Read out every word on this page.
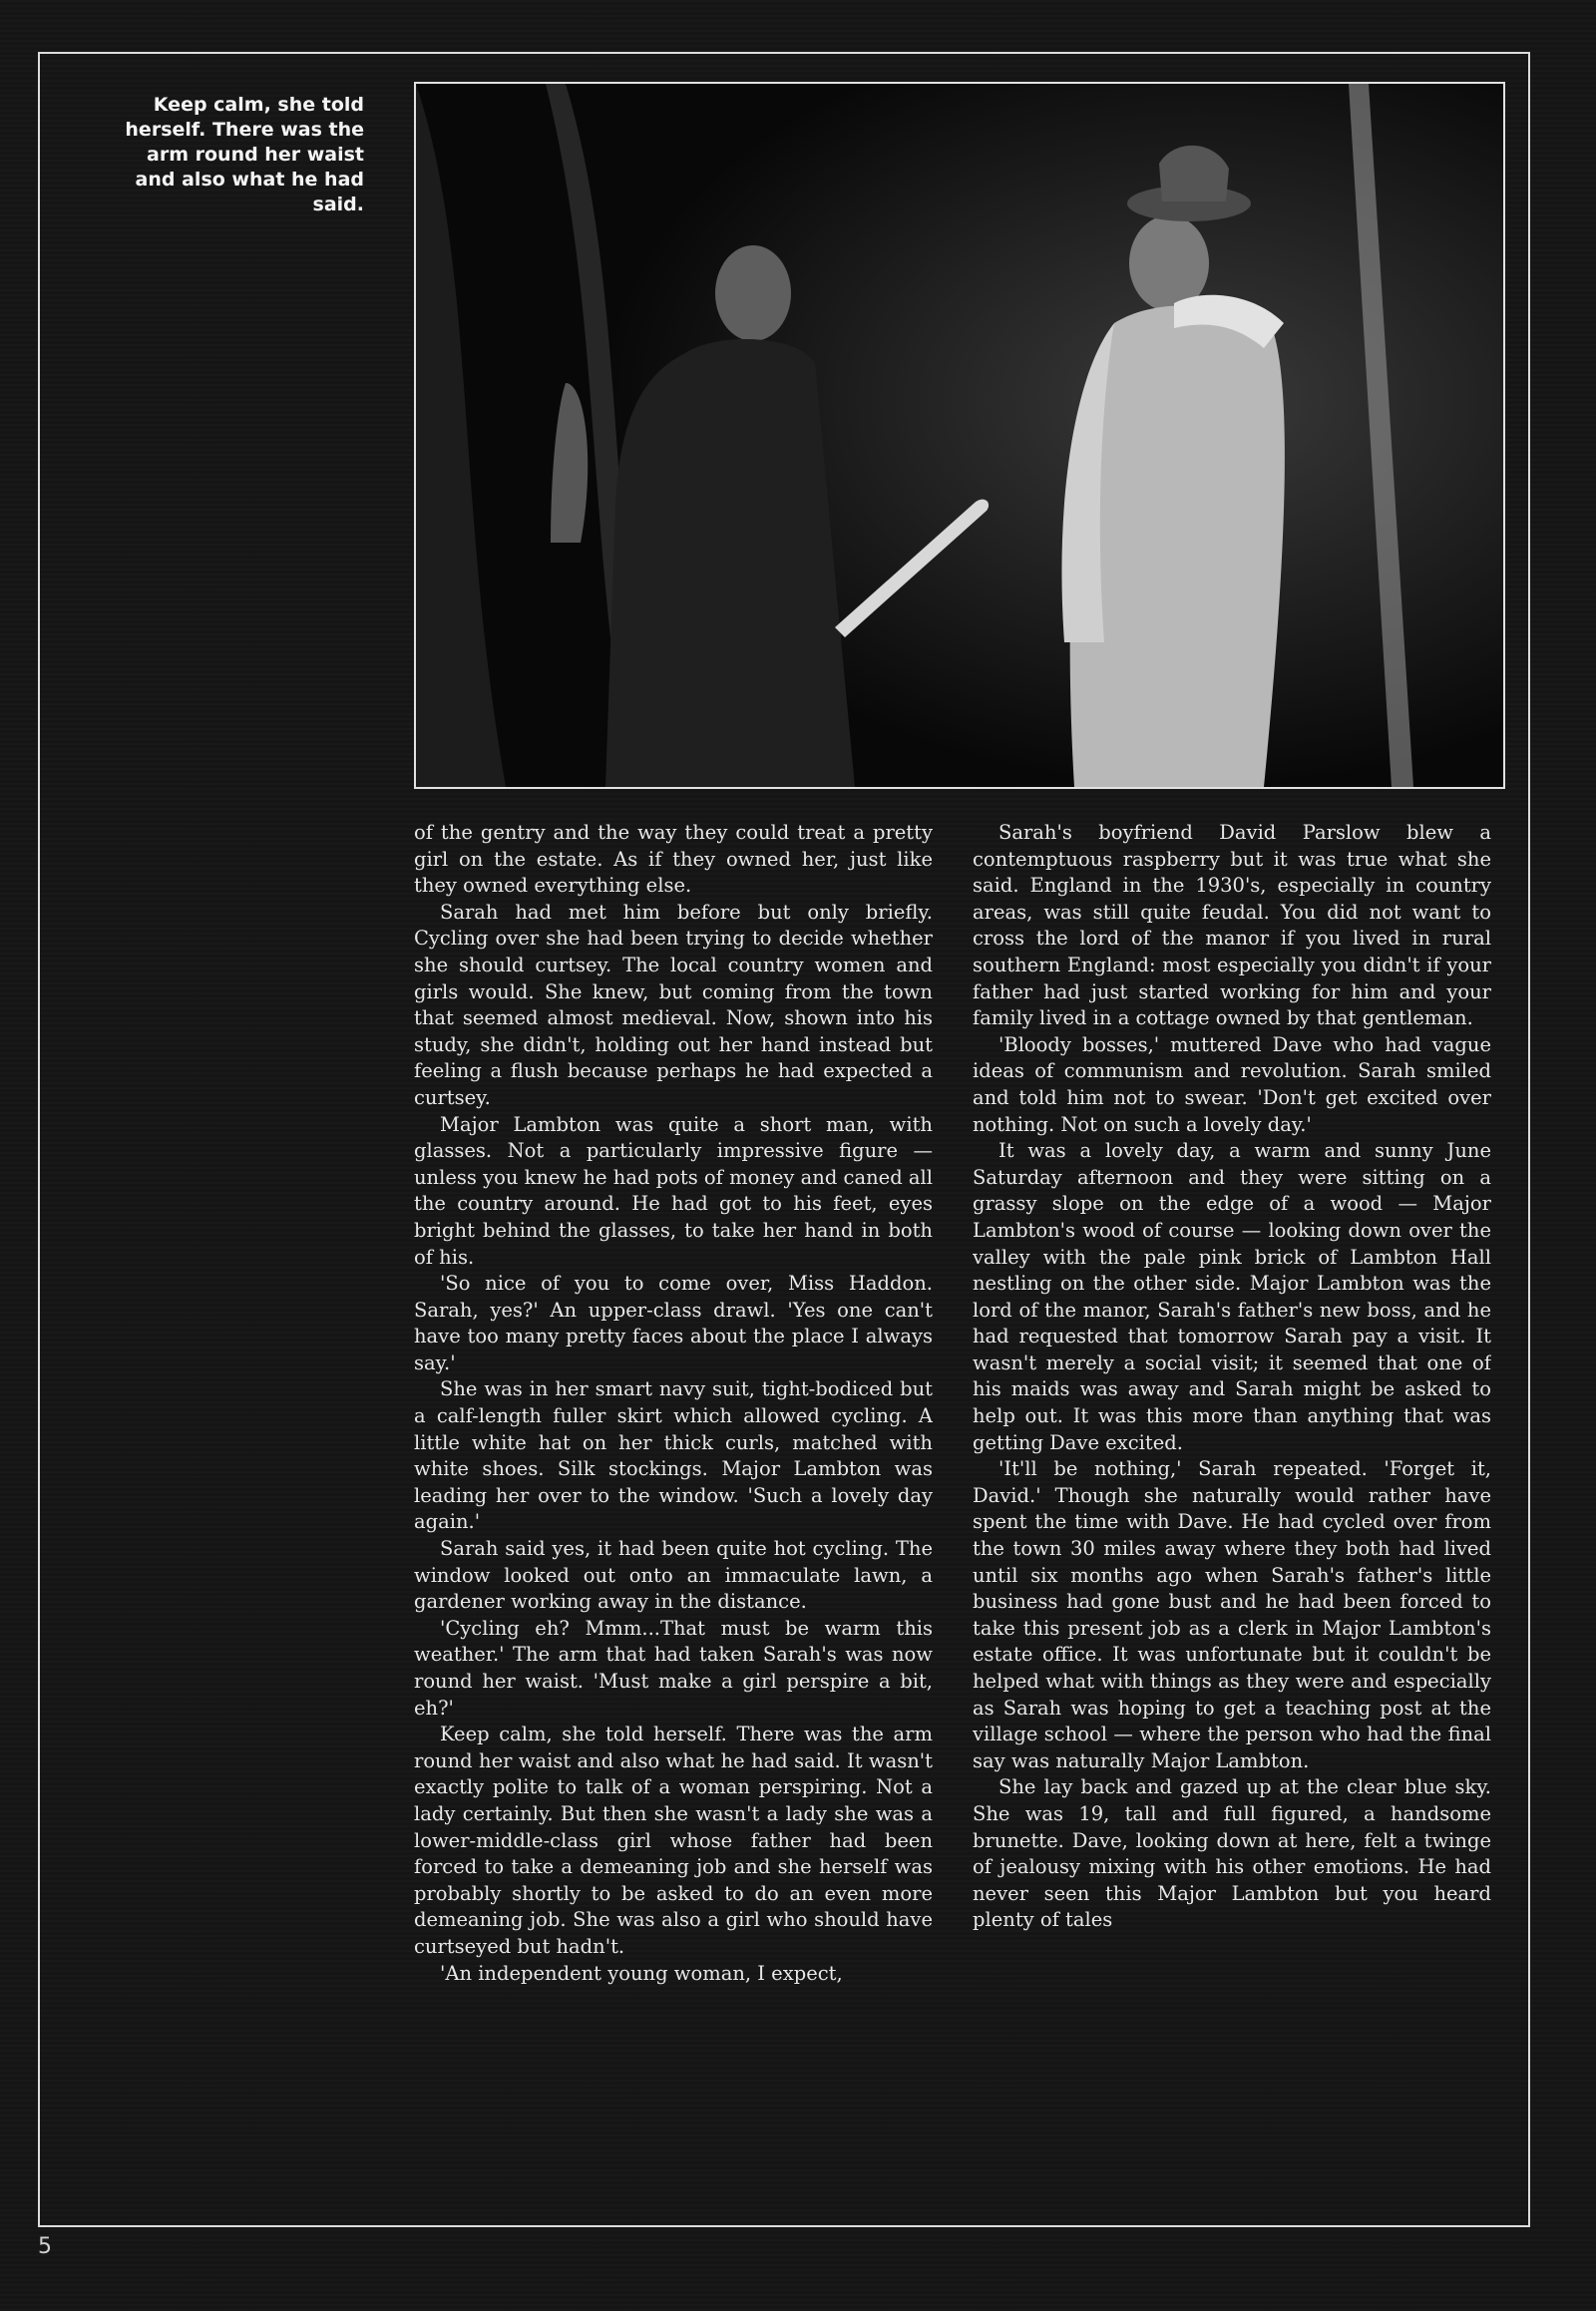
Keep calm, she told herself. There was the arm round her waist and also what he had said.

Sarah's boyfriend David Parslow blew a contemptuous raspberry but it was true what she said. England in the 1930's, especially in country areas, was still quite feudal. You did not want to cross the lord of the manor if you lived in rural southern England: most especially you didn't if your father had just started working for him and your family lived in a cottage owned by that gentleman.

'Bloody bosses,' muttered Dave who had vague ideas of communism and revolution. Sarah smiled and told him not to swear. 'Don't get excited over nothing. Not on such a lovely day.'

It was a lovely day, a warm and sunny June Saturday afternoon and they were sitting on a grassy slope on the edge of a wood — Major Lambton's wood of course — looking down over the valley with the pale pink brick of Lambton Hall nestling on the other side. Major Lambton was the lord of the manor, Sarah's father's new boss, and he had requested that tomorrow Sarah pay a visit. It wasn't merely a social visit; it seemed that one of his maids was away and Sarah might be asked to help out. It was this more than anything that was getting Dave excited.

'It'll be nothing,' Sarah repeated. 'Forget it, David.' Though she naturally would rather have spent the time with Dave. He had cycled over from the town 30 miles away where they both had lived until six months ago when Sarah's father's little business had gone bust and he had been forced to take this present job as a clerk in Major Lambton's estate office. It was unfortunate but it couldn't be helped what with things as they were and especially as Sarah was hoping to get a teaching post at the village school — where the person who had the final say was naturally Major Lambton.

She lay back and gazed up at the clear blue sky. She was 19, tall and full figured, a handsome brunette. Dave, looking down at here, felt a twinge of jealousy mixing with his other emotions. He had never seen this Major Lambton but you heard plenty of tales

of the gentry and the way they could treat a pretty girl on the estate. As if they owned her, just like they owned everything else.

Sarah had met him before but only briefly. Cycling over she had been trying to decide whether she should curtsey. The local country women and girls would. She knew, but coming from the town that seemed almost medieval. Now, shown into his study, she didn't, holding out her hand instead but feeling a flush because perhaps he had expected a curtsey.

Major Lambton was quite a short man, with glasses. Not a particularly impressive figure — unless you knew he had pots of money and caned all the country around. He had got to his feet, eyes bright behind the glasses, to take her hand in both of his.

'So nice of you to come over, Miss Haddon. Sarah, yes?' An upper-class drawl. 'Yes one can't have too many pretty faces about the place I always say.'

She was in her smart navy suit, tight-bodiced but a calf-length fuller skirt which allowed cycling. A little white hat on her thick curls, matched with white shoes. Silk stockings. Major Lambton was leading her over to the window. 'Such a lovely day again.'

Sarah said yes, it had been quite hot cycling. The window looked out onto an immaculate lawn, a gardener working away in the distance.

'Cycling eh? Mmm...That must be warm this weather.' The arm that had taken Sarah's was now round her waist. 'Must make a girl perspire a bit, eh?'

Keep calm, she told herself. There was the arm round her waist and also what he had said. It wasn't exactly polite to talk of a woman perspiring. Not a lady certainly. But then she wasn't a lady she was a lower-middle-class girl whose father had been forced to take a demeaning job and she herself was probably shortly to be asked to do an even more demeaning job. She was also a girl who should have curtseyed but hadn't.

'An independent young woman, I expect,

5
